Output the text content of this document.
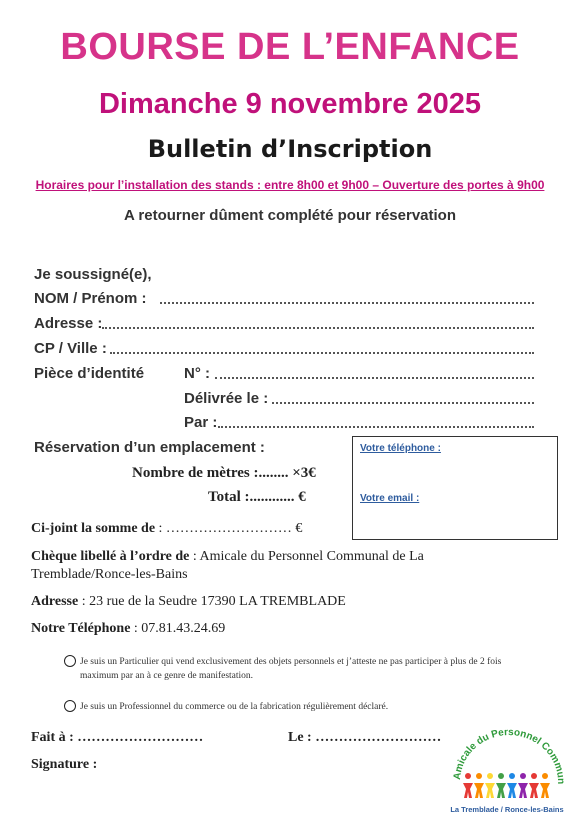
BOURSE DE L’ENFANCE
Dimanche 9 novembre 2025
Bulletin d’Inscription
Horaires pour l’installation des stands : entre 8h00 et 9h00 – Ouverture des portes à 9h00
A retourner dûment complété pour réservation
Je soussigné(e),
NOM / Prénom :
Adresse :
CP / Ville :
Pièce d’identité	N° :
Délivrée le :
Par :
Réservation d’un emplacement :
Nombre de mètres :........ ×3€
Total :............ €
Votre téléphone :
Votre email :
Ci-joint la somme de : ……………………… €
Chèque libellé à l’ordre de : Amicale du Personnel Communal de La Tremblade/Ronce-les-Bains
Adresse : 23 rue de la Seudre 17390 LA TREMBLADE
Notre Téléphone : 07.81.43.24.69
Je suis un Particulier qui vend exclusivement des objets personnels et j’atteste ne pas participer à plus de 2 fois maximum par an à ce genre de manifestation.
Je suis un Professionnel du commerce ou de la fabrication régulièrement déclaré.
Fait à : ………………………	Le : ………………………
Signature :
Amicale du Personnel Commun
La Tremblade / Ronce-les-Bains
